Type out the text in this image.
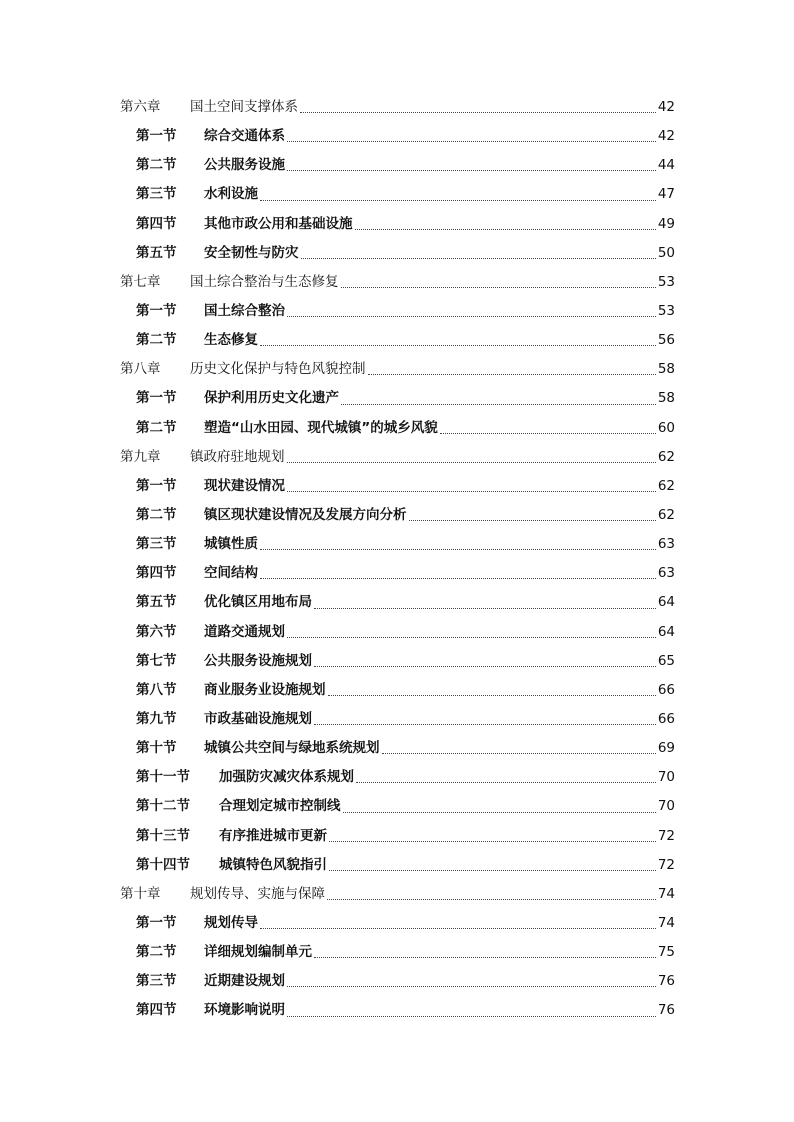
第六章	国土空间支撑体系	42
第一节	综合交通体系	42
第二节	公共服务设施	44
第三节	水利设施	47
第四节	其他市政公用和基础设施	49
第五节	安全韧性与防灾	50
第七章	国土综合整治与生态修复	53
第一节	国土综合整治	53
第二节	生态修复	56
第八章	历史文化保护与特色风貌控制	58
第一节	保护利用历史文化遗产	58
第二节	塑造“山水田园、现代城镇”的城乡风貌	60
第九章	镇政府驻地规划	62
第一节	现状建设情况	62
第二节	镇区现状建设情况及发展方向分析	62
第三节	城镇性质	63
第四节	空间结构	63
第五节	优化镇区用地布局	64
第六节	道路交通规划	64
第七节	公共服务设施规划	65
第八节	商业服务业设施规划	66
第九节	市政基础设施规划	66
第十节	城镇公共空间与绿地系统规划	69
第十一节	加强防灾减灾体系规划	70
第十二节	合理划定城市控制线	70
第十三节	有序推进城市更新	72
第十四节	城镇特色风貌指引	72
第十章	规划传导、实施与保障	74
第一节	规划传导	74
第二节	详细规划编制单元	75
第三节	近期建设规划	76
第四节	环境影响说明	76
